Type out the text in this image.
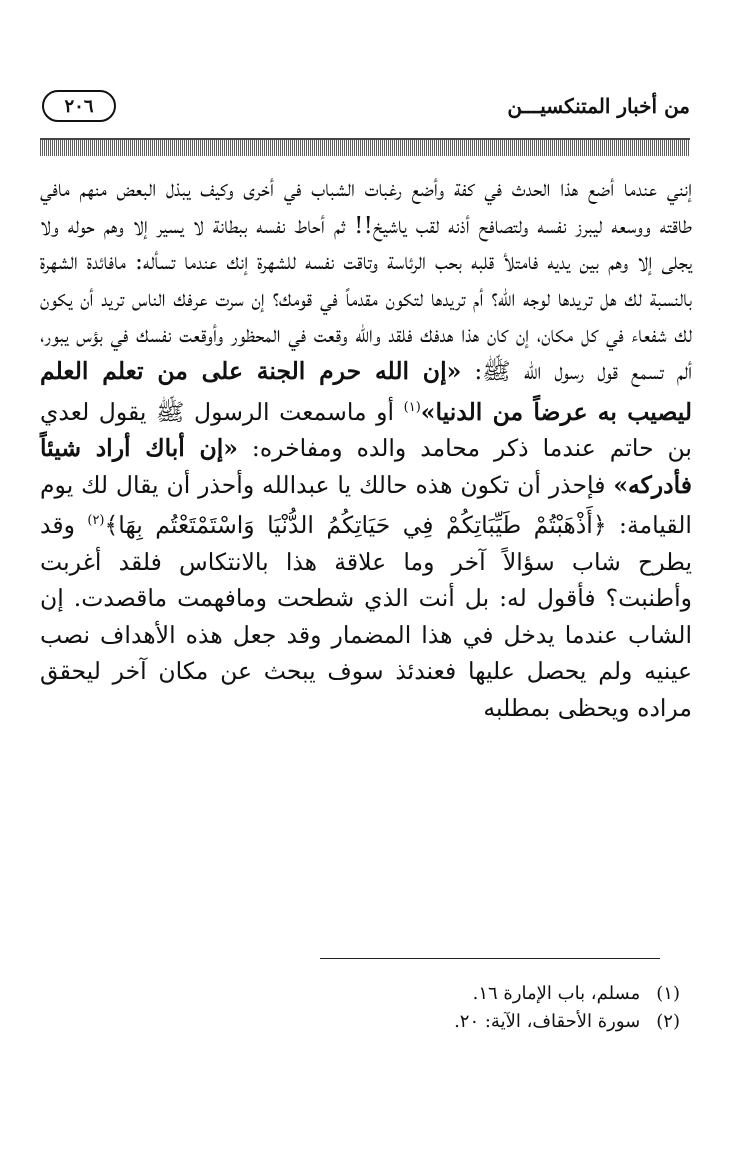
من أخبار المتنكسيـــن
٢٠٦

إنني عندما أضع هذا الحدث في كفة وأضع رغبات الشباب في أخرى وكيف يبذل البعض منهم مافي طاقته ووسعه ليبرز نفسه ولتصافح أذنه لقب ياشيخ!! ثم أحاط نفسه ببطانة لا يسير إلا وهم حوله ولا يجلى إلا وهم بين يديه فامتلأ قلبه بحب الرئاسة وتاقت نفسه للشهرة إنك عندما تسأله: مافائدة الشهرة بالنسبة لك هل تريدها لوجه الله؟ أم تريدها لتكون مقدماً في قومك؟ إن سرت عرفك الناس تريد أن يكون لك شفعاء في كل مكان، إن كان هذا هدفك فلقد والله وقعت في المحظور وأوقعت نفسك في بؤس يبور، ألم تسمع قول رسول الله ﷺ: «إن الله حرم الجنة على من تعلم العلم ليصيب به عرضاً من الدنيا»$^{(١)}$ أو ماسمعت الرسول ﷺ يقول لعدي بن حاتم عندما ذكر محامد والده ومفاخره: «إن أباك أراد شيئاً فأدركه» فإحذر أن تكون هذه حالك يا عبدالله وأحذر أن يقال لك يوم القيامة: ﴿أَذْهَبْتُمْ طَيِّبَاتِكُمْ فِي حَيَاتِكُمُ الدُّنْيَا وَاسْتَمْتَعْتُم بِهَا﴾$^{(٢)}$ وقد يطرح شاب سؤالاً آخر وما علاقة هذا بالانتكاس فلقد أغربت وأطنبت؟ فأقول له: بل أنت الذي شطحت ومافهمت ماقصدت. إن الشاب عندما يدخل في هذا المضمار وقد جعل هذه الأهداف نصب عينيه ولم يحصل عليها فعندئذ سوف يبحث عن مكان آخر ليحقق مراده ويحظى بمطلبه

(١) مسلم، باب الإمارة ١٦.
(٢) سورة الأحقاف، الآية: ٢٠.
